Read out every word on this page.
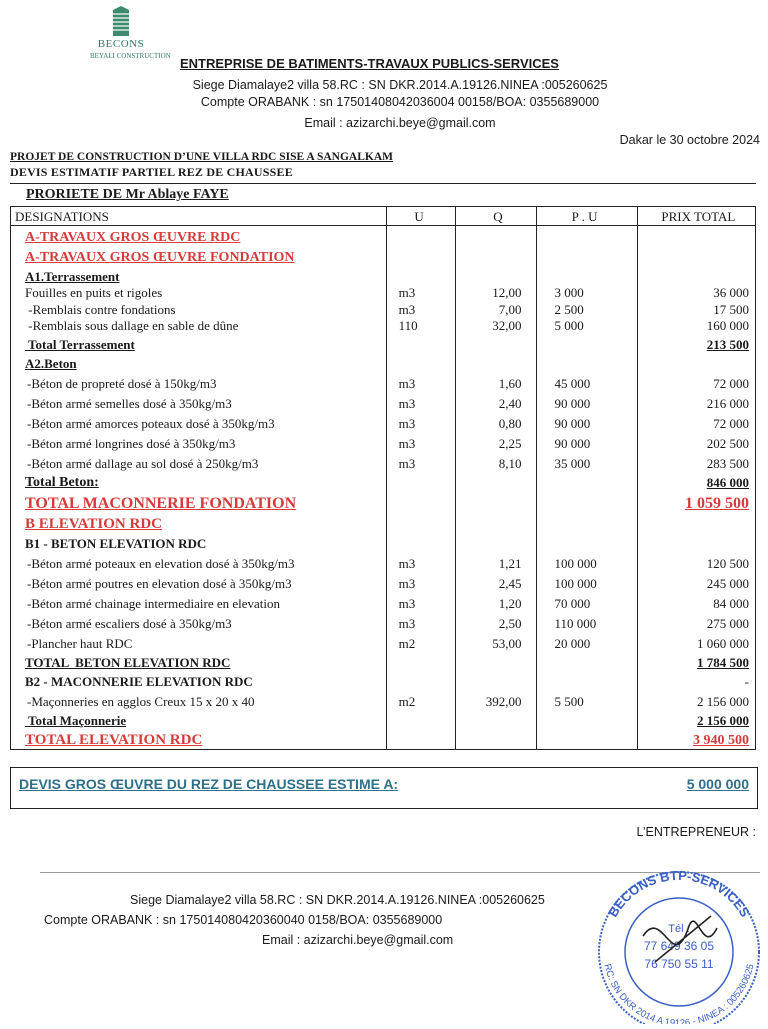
BECONS
BEYALI CONSTRUCTION ENTREPRISE DE BATIMENTS-TRAVAUX PUBLICS-SERVICES
Siege Diamalaye2 villa 58.RC : SN DKR.2014.A.19126.NINEA :005260625
Compte ORABANK : sn 17501408042036004 00158/BOA: 0355689000
Email : azizarchi.beye@gmail.com
Dakar le 30 octobre 2024
PROJET DE CONSTRUCTION D’UNE VILLA RDC SISE A SANGALKAM
DEVIS ESTIMATIF PARTIEL REZ DE CHAUSSEE
PRORIETE DE Mr Ablaye FAYE
DESIGNATIONS	U	Q	P . U	PRIX TOTAL
A-TRAVAUX GROS ŒUVRE RDC				
A-TRAVAUX GROS ŒUVRE FONDATION				
A1.Terrassement				
Fouilles en puits et rigoles	m3	12,00	3 000	36 000
-Remblais contre fondations	m3	7,00	2 500	17 500
-Remblais sous dallage en sable de dûne	110	32,00	5 000	160 000
Total Terrassement				213 500
A2.Beton				
-Béton de propreté dosé à 150kg/m3	m3	1,60	45 000	72 000
-Béton armé semelles dosé à 350kg/m3	m3	2,40	90 000	216 000
-Béton armé amorces poteaux dosé à 350kg/m3	m3	0,80	90 000	72 000
-Béton armé longrines dosé à 350kg/m3	m3	2,25	90 000	202 500
-Béton armé dallage au sol dosé à 250kg/m3	m3	8,10	35 000	283 500
Total Beton:				846 000
TOTAL MACONNERIE FONDATION				1 059 500
B ELEVATION RDC				
B1 - BETON ELEVATION RDC				
-Béton armé poteaux en elevation dosé à 350kg/m3	m3	1,21	100 000	120 500
-Béton armé poutres en elevation dosé à 350kg/m3	m3	2,45	100 000	245 000
-Béton armé chainage intermediaire en elevation	m3	1,20	70 000	84 000
-Béton armé escaliers dosé à 350kg/m3	m3	2,50	110 000	275 000
-Plancher haut RDC	m2	53,00	20 000	1 060 000
TOTAL  BETON ELEVATION RDC				1 784 500
B2 - MACONNERIE ELEVATION RDC				-
-Maçonneries en agglos Creux 15 x 20 x 40	m2	392,00	5 500	2 156 000
Total Maçonnerie				2 156 000
TOTAL ELEVATION RDC				3 940 500
DEVIS GROS ŒUVRE DU REZ DE CHAUSSEE ESTIME A:	5 000 000
L’ENTREPRENEUR :
Siege Diamalaye2 villa 58.RC : SN DKR.2014.A.19126.NINEA :005260625
Compte ORABANK : sn 175014080420360040 0158/BOA: 0355689000
Email : azizarchi.beye@gmail.com
BECONS BTP-SERVICES
RC: SN DKR 2014 A 19126 - NINEA : 005260625
Tél :
77 649 36 05
76 750 55 11
